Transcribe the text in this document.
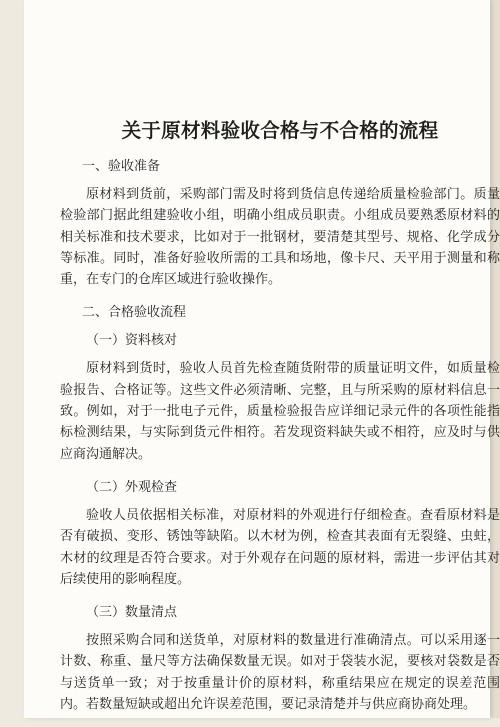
关于原材料验收合格与不合格的流程
一、验收准备
原材料到货前，采购部门需及时将到货信息传递给质量检验部门。质量检验部门据此组建验收小组，明确小组成员职责。小组成员要熟悉原材料的相关标准和技术要求，比如对于一批钢材，要清楚其型号、规格、化学成分等标准。同时，准备好验收所需的工具和场地，像卡尺、天平用于测量和称重，在专门的仓库区域进行验收操作。
二、合格验收流程
（一）资料核对
原材料到货时，验收人员首先检查随货附带的质量证明文件，如质量检验报告、合格证等。这些文件必须清晰、完整，且与所采购的原材料信息一致。例如，对于一批电子元件，质量检验报告应详细记录元件的各项性能指标检测结果，与实际到货元件相符。若发现资料缺失或不相符，应及时与供应商沟通解决。
（二）外观检查
验收人员依据相关标准，对原材料的外观进行仔细检查。查看原材料是否有破损、变形、锈蚀等缺陷。以木材为例，检查其表面有无裂缝、虫蛀，木材的纹理是否符合要求。对于外观存在问题的原材料，需进一步评估其对后续使用的影响程度。
（三）数量清点
按照采购合同和送货单，对原材料的数量进行准确清点。可以采用逐一计数、称重、量尺等方法确保数量无误。如对于袋装水泥，要核对袋数是否与送货单一致；对于按重量计价的原材料，称重结果应在规定的误差范围内。若数量短缺或超出允许误差范围，要记录清楚并与供应商协商处理。
